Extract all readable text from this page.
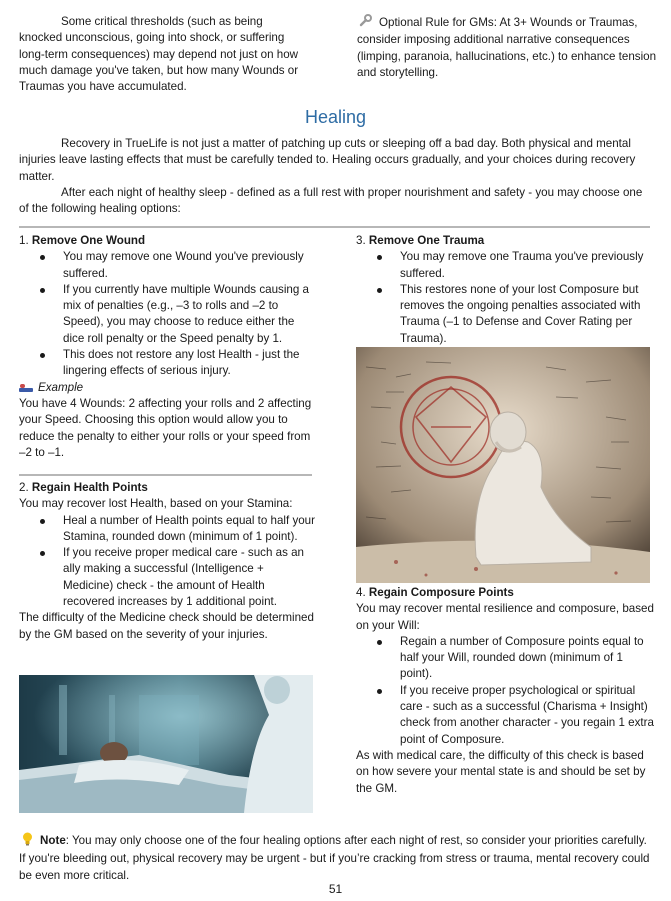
Some critical thresholds (such as being knocked unconscious, going into shock, or suffering long-term consequences) may depend not just on how much damage you've taken, but how many Wounds or Traumas you have accumulated.

Optional Rule for GMs: At 3+ Wounds or Traumas, consider imposing additional narrative consequences (limping, paranoia, hallucinations, etc.) to enhance tension and storytelling.
Healing

Recovery in TrueLife is not just a matter of patching up cuts or sleeping off a bad day. Both physical and mental injuries leave lasting effects that must be carefully tended to. Healing occurs gradually, and your choices during recovery matter.

After each night of healthy sleep - defined as a full rest with proper nourishment and safety - you may choose one of the following healing options:

1. Remove One Wound

You may remove one Wound you've previously suffered.
If you currently have multiple Wounds causing a mix of penalties (e.g., –3 to rolls and –2 to Speed), you may choose to reduce either the dice roll penalty or the Speed penalty by 1.
This does not restore any lost Health - just the lingering effects of serious injury.
Example

You have 4 Wounds: 2 affecting your rolls and 2 affecting your Speed. Choosing this option would allow you to reduce the penalty to either your rolls or your speed from –2 to –1.

2. Regain Health Points

You may recover lost Health, based on your Stamina:

Heal a number of Health points equal to half your Stamina, rounded down (minimum of 1 point).
If you receive proper medical care - such as an ally making a successful (Intelligence + Medicine) check - the amount of Health recovered increases by 1 additional point.

The difficulty of the Medicine check should be determined by the GM based on the severity of your injuries.

3. Remove One Trauma

You may remove one Trauma you've previously suffered.
This restores none of your lost Composure but removes the ongoing penalties associated with Trauma (–1 to Defense and Cover Rating per Trauma).

4. Regain Composure Points

You may recover mental resilience and composure, based on your Will:

Regain a number of Composure points equal to half your Will, rounded down (minimum of 1 point).
If you receive proper psychological or spiritual care - such as a successful (Charisma + Insight) check from another character - you regain 1 extra point of Composure.

As with medical care, the difficulty of this check is based on how severe your mental state is and should be set by the GM.

Note: You may only choose one of the four healing options after each night of rest, so consider your priorities carefully. If you're bleeding out, physical recovery may be urgent - but if you’re cracking from stress or trauma, mental recovery could be even more critical.
51
